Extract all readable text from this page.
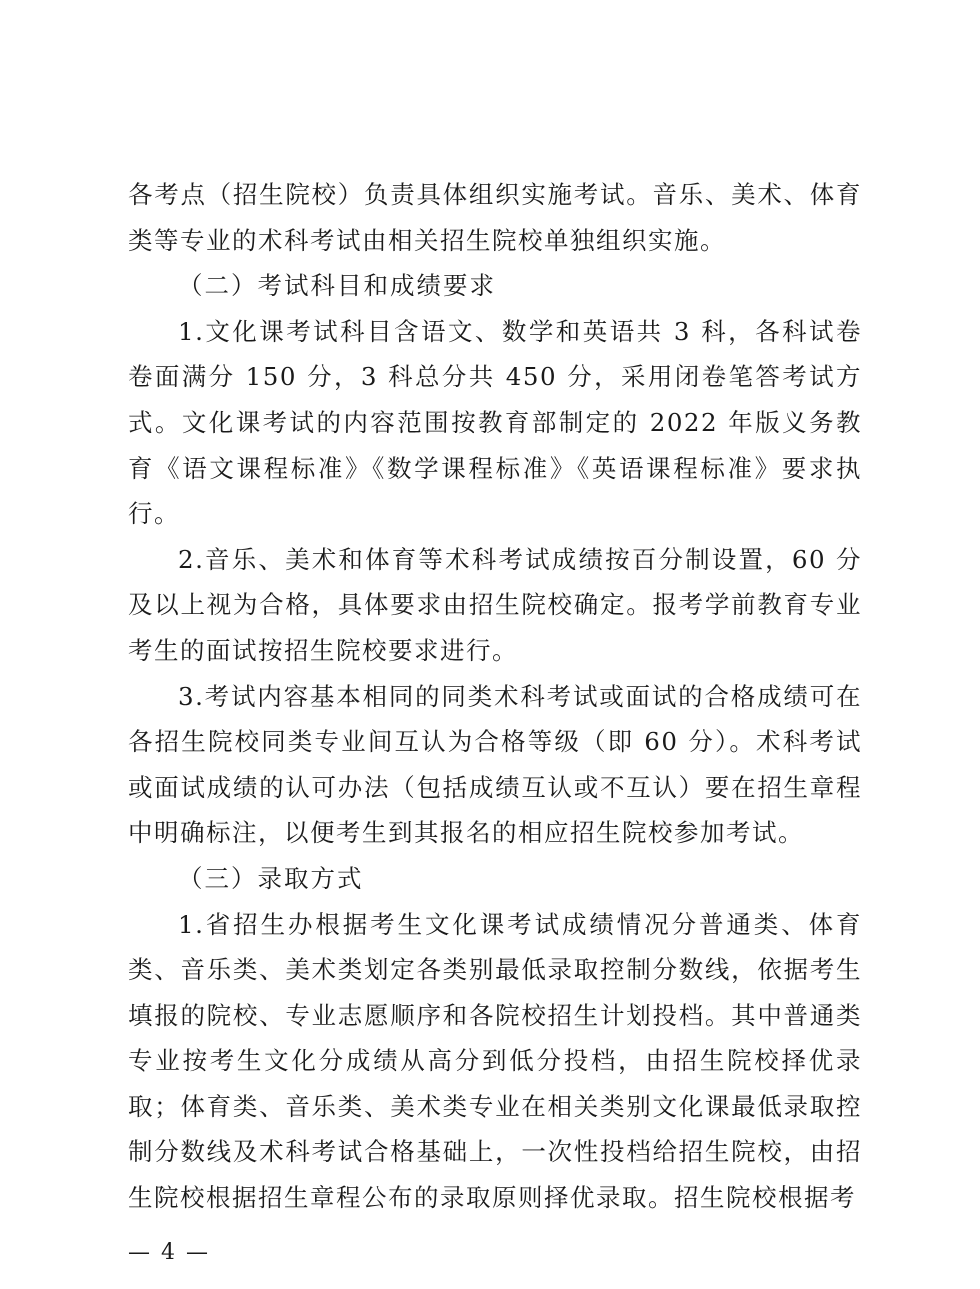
各考点（招生院校）负责具体组织实施考试。音乐、美术、体育类等专业的术科考试由相关招生院校单独组织实施。

（二）考试科目和成绩要求

1.文化课考试科目含语文、数学和英语共 3 科，各科试卷卷面满分 150 分，3 科总分共 450 分，采用闭卷笔答考试方式。文化课考试的内容范围按教育部制定的 2022 年版义务教育《语文课程标准》《数学课程标准》《英语课程标准》要求执行。

2.音乐、美术和体育等术科考试成绩按百分制设置，60 分及以上视为合格，具体要求由招生院校确定。报考学前教育专业考生的面试按招生院校要求进行。

3.考试内容基本相同的同类术科考试或面试的合格成绩可在各招生院校同类专业间互认为合格等级（即 60 分）。术科考试或面试成绩的认可办法（包括成绩互认或不互认）要在招生章程中明确标注，以便考生到其报名的相应招生院校参加考试。

（三）录取方式

1.省招生办根据考生文化课考试成绩情况分普通类、体育类、音乐类、美术类划定各类别最低录取控制分数线，依据考生填报的院校、专业志愿顺序和各院校招生计划投档。其中普通类专业按考生文化分成绩从高分到低分投档，由招生院校择优录取；体育类、音乐类、美术类专业在相关类别文化课最低录取控制分数线及术科考试合格基础上，一次性投档给招生院校，由招生院校根据招生章程公布的录取原则择优录取。招生院校根据考

— 4 —
